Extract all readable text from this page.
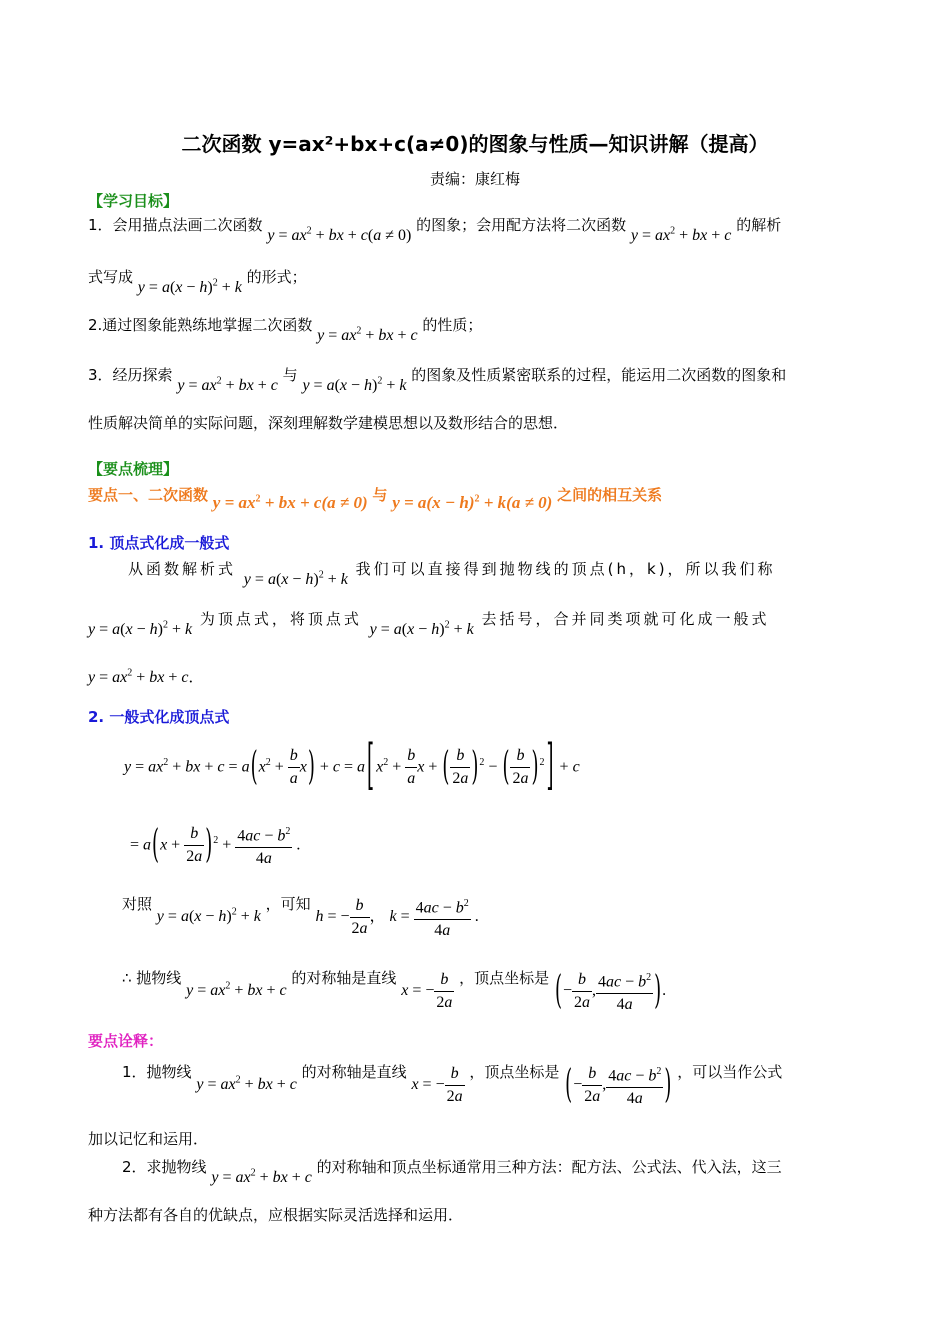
二次函数 y=ax²+bx+c(a≠0)的图象与性质—知识讲解（提高）
责编：康红梅
【学习目标】
1．会用描点法画二次函数 $y = ax^2$ + bx + c(a ≠ 0) 的图象；会用配方法将二次函数 $y = ax^2$ + bx + c 的解析
式写成 $y = a(x - h)^2 + k$ 的形式；
2.通过图象能熟练地掌握二次函数 $y = ax^2$ + bx + c 的性质；
3．经历探索 $y = ax^2$ + bx + c 与 $y = a(x - h)^2 + k$ 的图象及性质紧密联系的过程，能运用二次函数的图象和
性质解决简单的实际问题，深刻理解数学建模思想以及数形结合的思想．
【要点梳理】
要点一、二次函数 $y = ax^2$ + bx + c(a ≠ 0) 与 $y = a(x - h)^2 + k(a \ne 0)$ 之间的相互关系
1. 顶点式化成一般式
从函数解析式 $y = a(x - h)^2 + k$ 我们可以直接得到抛物线的顶点(h，k)，所以我们称
$y = a(x - h)^2 + k$ 为顶点式，将顶点式 $y = a(x - h)^2 + k$ 去括号，合并同类项就可化成一般式
$y = ax^2$ + bx + c．
2. 一般式化成顶点式
$y = ax^2$ + bx + $c = a(x^2 + \frac{b}{a} x) + c = a$ [ $x^2 + \frac{b}{a}$ x + ( $\frac{b}{2a} )^2$ − ( $\frac{b}{2a} )^2$ ] + c
= $a(x + \frac{b}{2a} )^2 + \frac{4ac - b^2}{4a}$ .
对照 $y = a(x - h)^2 + k$ ，可知 h = − $\frac{b}{2a}$ ， $k = \frac{4ac - b^2}{4a}$ .
∴ 抛物线 $y = ax^2$ + bx + c 的对称轴是直线 x = − $\frac{b}{2a}$ ，顶点坐标是 (− $\frac{b}{2a}$ , $\frac{4ac - b^2}{4a}$ ).
要点诠释：
1．抛物线 $y = ax^2$ + bx + c 的对称轴是直线 x = − $\frac{b}{2a}$ ，顶点坐标是 (− $\frac{b}{2a}$ , $\frac{4ac - b^2}{4a}$ ) ，可以当作公式
加以记忆和运用．
2．求抛物线 $y = ax^2$ + bx + c 的对称轴和顶点坐标通常用三种方法：配方法、公式法、代入法，这三
种方法都有各自的优缺点，应根据实际灵活选择和运用．
